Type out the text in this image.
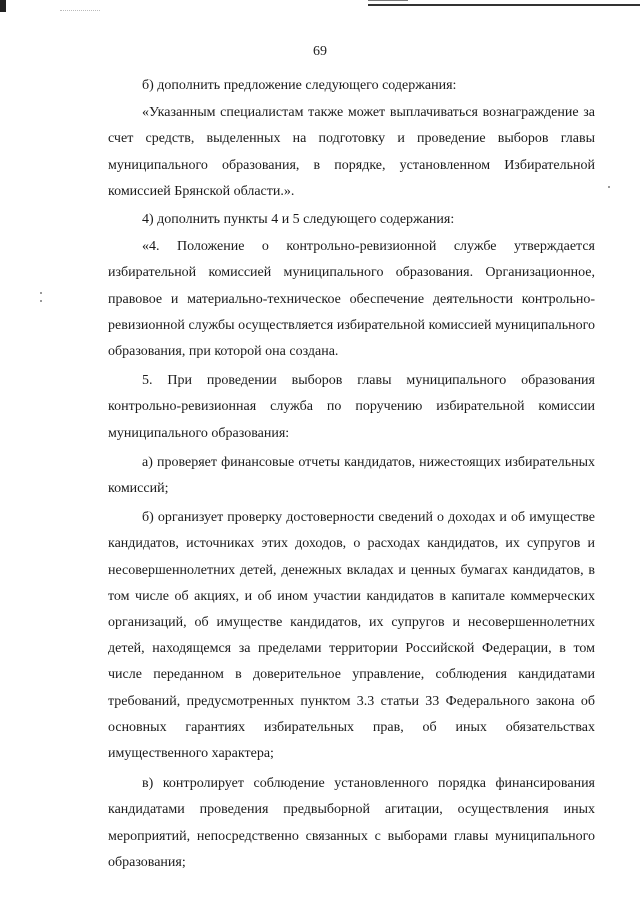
69

б) дополнить предложение следующего содержания:

«Указанным специалистам также может выплачиваться вознаграждение за счет средств, выделенных на подготовку и проведение выборов главы муниципального образования, в порядке, установленном Избирательной комиссией Брянской области.».

4) дополнить пункты 4 и 5 следующего содержания:

«4. Положение о контрольно-ревизионной службе утверждается избирательной комиссией муниципального образования. Организационное, правовое и материально-техническое обеспечение деятельности контрольно-ревизионной службы осуществляется избирательной комиссией муниципального образования, при которой она создана.

5. При проведении выборов главы муниципального образования контрольно-ревизионная служба по поручению избирательной комиссии муниципального образования:

а) проверяет финансовые отчеты кандидатов, нижестоящих избирательных комиссий;

б) организует проверку достоверности сведений о доходах и об имуществе кандидатов, источниках этих доходов, о расходах кандидатов, их супругов и несовершеннолетних детей, денежных вкладах и ценных бумагах кандидатов, в том числе об акциях, и об ином участии кандидатов в капитале коммерческих организаций, об имуществе кандидатов, их супругов и несовершеннолетних детей, находящемся за пределами территории Российской Федерации, в том числе переданном в доверительное управление, соблюдения кандидатами требований, предусмотренных пунктом 3.3 статьи 33 Федерального закона об основных гарантиях избирательных прав, об иных обязательствах имущественного характера;

в) контролирует соблюдение установленного порядка финансирования кандидатами проведения предвыборной агитации, осуществления иных мероприятий, непосредственно связанных с выборами главы муниципального образования;
